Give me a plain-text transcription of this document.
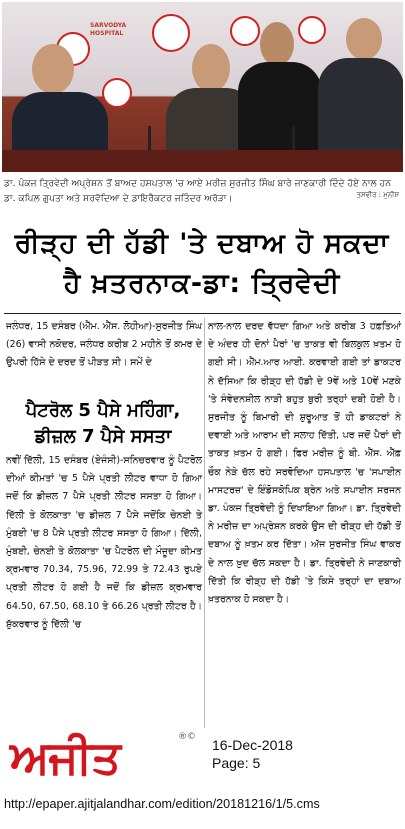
SARVODYA
HOSPITAL
ਡਾ. ਪੰਕਜ ਤ੍ਰਿਵੇਦੀ ਅਪ੍ਰੇਸ਼ਨ ਤੋਂ ਬਾਅਦ ਹਸਪਤਾਲ 'ਚ ਆਏ ਮਰੀਜ਼ ਸੁਰਜੀਤ ਸਿੰਘ ਬਾਰੇ ਜਾਣਕਾਰੀ ਦਿੰਦੇ ਹੋਏ ਨਾਲ ਹਨ ਡਾ. ਕਪਿਲ ਗੁਪਤਾ ਅਤੇ ਸਰਵੋਦਿਆ ਦੇ ਡਾਇਰੈਕਟਰ ਜਤਿੰਦਰ ਅਰੋੜਾ।	ਤਸਵੀਰ : ਮੁਨੀਸ਼
ਰੀੜ੍ਹ ਦੀ ਹੱਡੀ 'ਤੇ ਦਬਾਅ ਹੋ ਸਕਦਾ ਹੈ ਖ਼ਤਰਨਾਕ-ਡਾ: ਤ੍ਰਿਵੇਦੀ
ਜਲੰਧਰ, 15 ਦਸੰਬਰ (ਐੱਮ. ਐੱਸ. ਲੋਹੀਆ)-ਸੁਰਜੀਤ ਸਿੰਘ (26) ਵਾਸੀ ਨਕੋਦਰ, ਜਲੰਧਰ ਕਰੀਬ 2 ਮਹੀਨੇ ਤੋਂ ਕਮਰ ਦੇ ਉਪਰੀ ਹਿੱਸੇ ਦੇ ਦਰਦ ਤੋਂ ਪੀੜਤ ਸੀ। ਸਮੇਂ ਦੇ
ਪੈਟਰੋਲ 5 ਪੈਸੇ ਮਹਿੰਗਾ, ਡੀਜ਼ਲ 7 ਪੈਸੇ ਸਸਤਾ
ਨਵੀਂ ਦਿੱਲੀ, 15 ਦਸੰਬਰ (ਏਜੰਸੀ)-ਸਨਿਚਰਵਾਰ ਨੂੰ ਪੈਟਰੋਲ ਦੀਆਂ ਕੀਮਤਾਂ 'ਚ 5 ਪੈਸੇ ਪ੍ਰਤੀ ਲੀਟਰ ਵਾਧਾ ਹੋ ਗਿਆ ਜਦੋਂ ਕਿ ਡੀਜ਼ਲ 7 ਪੈਸੇ ਪ੍ਰਤੀ ਲੀਟਰ ਸਸਤਾ ਹੋ ਗਿਆ। ਦਿੱਲੀ ਤੇ ਕੋਲਕਾਤਾ 'ਚ ਡੀਜ਼ਲ 7 ਪੈਸੇ ਜਦੋਂਕਿ ਚੇਨਈ ਤੇ ਮੁੰਬਈ 'ਚ 8 ਪੈਸੇ ਪ੍ਰਤੀ ਲੀਟਰ ਸਸਤਾ ਹੋ ਗਿਆ। ਦਿੱਲੀ, ਮੁੰਬਈ, ਚੇਨਈ ਤੇ ਕੋਲਕਾਤਾ 'ਚ ਪੈਟਰੋਲ ਦੀ ਮੌਜੂਦਾ ਕੀਮਤ ਕ੍ਰਮਵਾਰ 70.34, 75.96, 72.99 ਤੇ 72.43 ਰੁਪਏ ਪ੍ਰਤੀ ਲੀਟਰ ਹੋ ਗਈ ਹੈ ਜਦੋਂ ਕਿ ਡੀਜ਼ਲ ਕ੍ਰਮਵਾਰ 64.50, 67.50, 68.10 ਤੇ 66.26 ਪ੍ਰਤੀ ਲੀਟਰ ਹੈ। ਸ਼ੁੱਕਰਵਾਰ ਨੂੰ ਦਿੱਲੀ 'ਚ
ਨਾਲ-ਨਾਲ ਦਰਦ ਵੱਧਦਾ ਗਿਆ ਅਤੇ ਕਰੀਬ 3 ਹਫ਼ਤਿਆਂ ਦੇ ਅੰਦਰ ਹੀ ਦੋਨਾਂ ਪੈਰਾਂ 'ਚ ਤਾਕਤ ਵੀ ਬਿਲਕੁਲ ਖ਼ਤਮ ਹੋ ਗਈ ਸੀ। ਐੱਮ.ਆਰ ਆਈ. ਕਰਵਾਈ ਗਈ ਤਾਂ ਡਾਕਟਰ ਨੇ ਦੱਸਿਆ ਕਿ ਰੀੜ੍ਹ ਦੀ ਹੱਡੀ ਦੇ 9ਵੇਂ ਅਤੇ 10ਵੇਂ ਮਣਕੇ 'ਤੇ ਸੰਵੇਦਨਸ਼ੀਲ ਨਾੜੀ ਬਹੁਤ ਬੁਰੀ ਤਰ੍ਹਾਂ ਦਬੀ ਹੋਈ ਹੈ। ਸੁਰਜੀਤ ਨੂੰ ਬਿਮਾਰੀ ਦੀ ਸ਼ੁਰੂਆਤ ਤੋਂ ਹੀ ਡਾਕਟਰਾਂ ਨੇ ਦਵਾਈ ਅਤੇ ਆਰਾਮ ਦੀ ਸਲਾਹ ਦਿੱਤੀ, ਪਰ ਜਦੋਂ ਪੈਰਾਂ ਦੀ ਤਾਕਤ ਖ਼ਤਮ ਹੋ ਗਈ। ਫਿਰ ਮਰੀਜ਼ ਨੂੰ ਬੀ. ਐੱਸ. ਐੱਫ਼ ਚੌਕ ਨੇੜੇ ਚੱਲ ਰਹੇ ਸਰਵੋਦਿਆ ਹਸਪਤਾਲ 'ਚ 'ਸਪਾਈਨ ਮਾਸਟਰਜ਼' ਦੇ ਇੰਡੋਸਕੋਪਿਕ ਬ੍ਰੇਨ ਅਤੇ ਸਪਾਈਨ ਸਰਜਨ ਡਾ. ਪੰਕਜ ਤ੍ਰਿਵੇਦੀ ਨੂੰ ਦਿਖਾਇਆ ਗਿਆ। ਡਾ. ਤ੍ਰਿਵੇਦੀ ਨੇ ਮਰੀਜ਼ ਦਾ ਅਪ੍ਰੇਸ਼ਨ ਕਰਕੇ ਉਸ ਦੀ ਰੀੜ੍ਹ ਦੀ ਹੱਡੀ ਤੋਂ ਦਬਾਅ ਨੂੰ ਖ਼ਤਮ ਕਰ ਦਿੱਤਾ। ਅੱਜ ਸੁਰਜੀਤ ਸਿੰਘ ਵਾਕਰ ਦੇ ਨਾਲ ਖ਼ੁਦ ਚੱਲ ਸਕਦਾ ਹੈ। ਡਾ. ਤ੍ਰਿਵੇਦੀ ਨੇ ਜਾਣਕਾਰੀ ਦਿੱਤੀ ਕਿ ਰੀੜ੍ਹ ਦੀ ਹੱਡੀ 'ਤੇ ਕਿਸੇ ਤਰ੍ਹਾਂ ਦਾ ਦਬਾਅ ਖ਼ਤਰਨਾਕ ਹੋ ਸਕਦਾ ਹੈ।
ਅਜੀਤ	®© 16-Dec-2018
Page: 5
http://epaper.ajitjalandhar.com/edition/20181216/1/5.cms
